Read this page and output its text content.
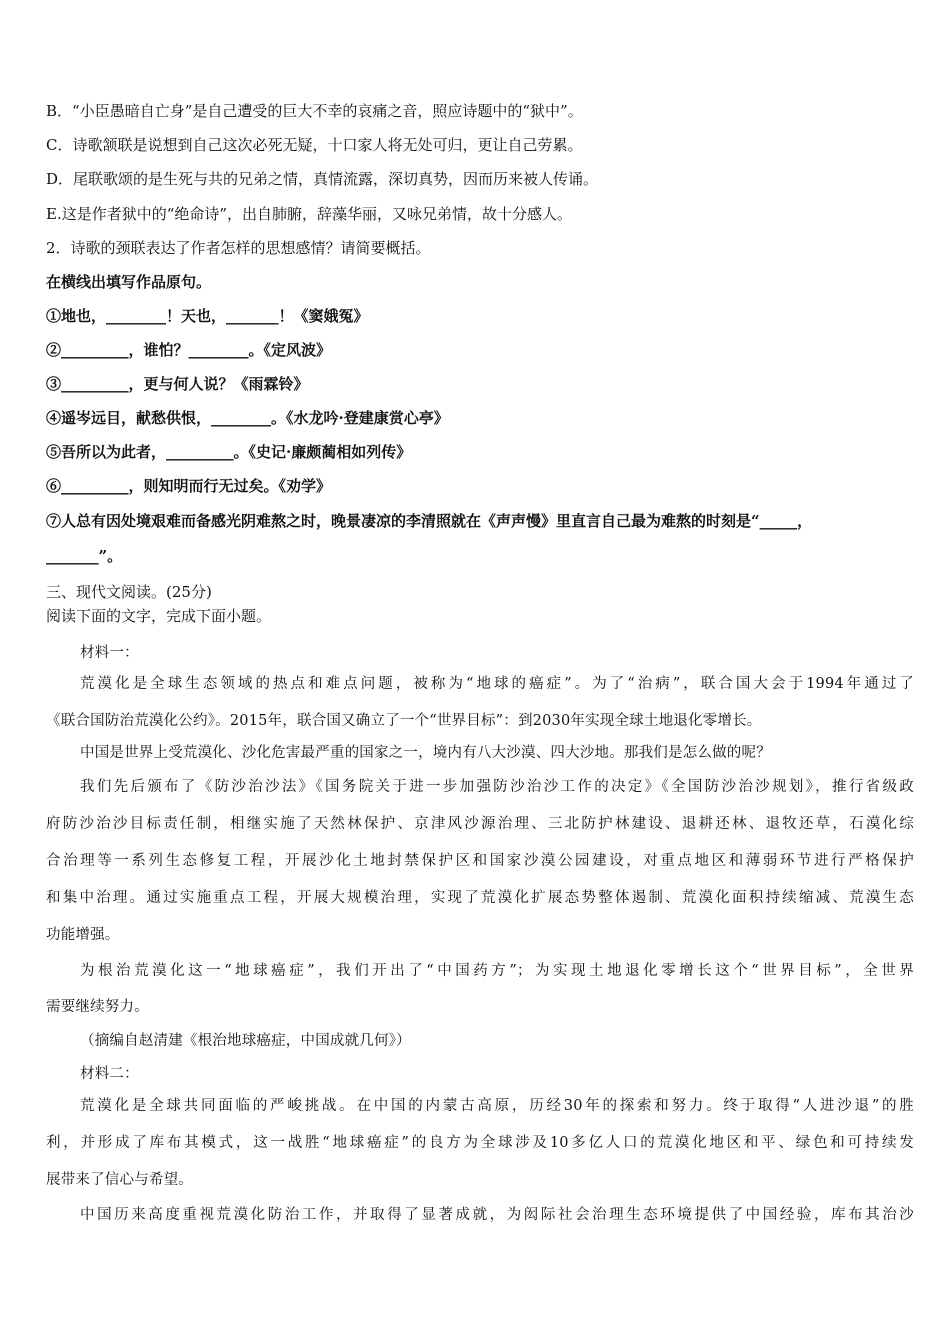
B．“小臣愚暗自亡身”是自己遭受的巨大不幸的哀痛之音，照应诗题中的“狱中”。
C．诗歌颔联是说想到自己这次必死无疑，十口家人将无处可归，更让自己劳累。
D．尾联歌颂的是生死与共的兄弟之情，真情流露，深切真势，因而历来被人传诵。
E.这是作者狱中的“绝命诗”，出自肺腑，辞藻华丽，又咏兄弟情，故十分感人。
2．诗歌的颈联表达了作者怎样的思想感情？请简要概括。
在横线出填写作品原句。
①地也，________！天也，_______！《窦娥冤》
②_________，谁怕？________。《定风波》
③_________，更与何人说？《雨霖铃》
④遥岑远目，献愁供恨，________。《水龙吟·登建康赏心亭》
⑤吾所以为此者，_________。《史记·廉颇蔺相如列传》
⑥_________，则知明而行无过矣。《劝学》
⑦人总有因处境艰难而备感光阴难熬之时，晚景凄凉的李清照就在《声声慢》里直言自己最为难熬的时刻是“_____，
_______”。
三、现代文阅读。(25分)
阅读下面的文字，完成下面小题。
材料一：
荒漠化是全球生态领域的热点和难点问题，被称为“地球的癌症”。为了“治病”，联合国大会于1994年通过了
《联合国防治荒漠化公约》。2015年，联合国又确立了一个“世界目标”：到2030年实现全球土地退化零增长。
中国是世界上受荒漠化、沙化危害最严重的国家之一，境内有八大沙漠、四大沙地。那我们是怎么做的呢？
我们先后颁布了《防沙治沙法》《国务院关于进一步加强防沙治沙工作的决定》《全国防沙治沙规划》，推行省级政
府防沙治沙目标责任制，相继实施了天然林保护、京津风沙源治理、三北防护林建设、退耕还林、退牧还草，石漠化综
合治理等一系列生态修复工程，开展沙化土地封禁保护区和国家沙漠公园建设，对重点地区和薄弱环节进行严格保护
和集中治理。通过实施重点工程，开展大规模治理，实现了荒漠化扩展态势整体遏制、荒漠化面积持续缩减、荒漠生态
功能增强。
为根治荒漠化这一“地球癌症”，我们开出了“中国药方”；为实现土地退化零增长这个“世界目标”，全世界
需要继续努力。
（摘编自赵清建《根治地球癌症，中国成就几何》）
材料二：
荒漠化是全球共同面临的严峻挑战。在中国的内蒙古高原，历经30年的探索和努力。终于取得“人进沙退”的胜
利，并形成了库布其模式，这一战胜“地球癌症”的良方为全球涉及10多亿人口的荒漠化地区和平、绿色和可持续发
展带来了信心与希望。
中国历来高度重视荒漠化防治工作，并取得了显著成就，为闳际社会治理生态环境提供了中国经验，库布其治沙
